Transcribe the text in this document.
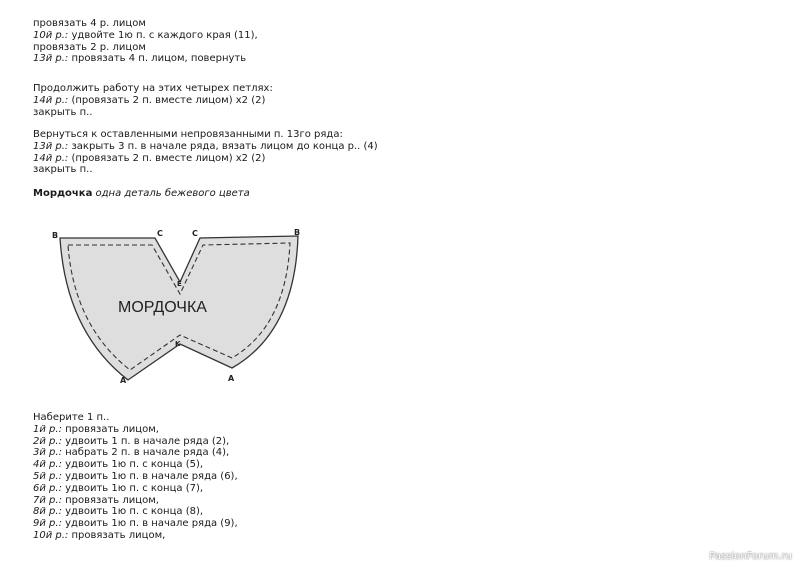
провязать 4 р. лицом
10й р.: удвойте 1ю п. с каждого края (11),
провязать 2 р. лицом
13й р.: провязать 4 п. лицом, повернуть
Продолжить работу на этих четырех петлях:
14й р.: (провязать 2 п. вместе лицом) x2 (2)
закрыть п..
Вернуться к оставленными непровязанными п. 13го ряда:
13й р.: закрыть 3 п. в начале ряда, вязать лицом до конца р.. (4)
14й р.: (провязать 2 п. вместе лицом) x2 (2)
закрыть п..
Мордочка одна деталь бежевого цвета
МОРДОЧКА
B	C	C	B
E
K
A	A
Наберите 1 п..
1й р.: провязать лицом,
2й р.: удвоить 1 п. в начале ряда (2),
3й р.: набрать 2 п. в начале ряда (4),
4й р.: удвоить 1ю п. с конца (5),
5й р.: удвоить 1ю п. в начале ряда (6),
6й р.: удвоить 1ю п. с конца (7),
7й р.: провязать лицом,
8й р.: удвоить 1ю п. с конца (8),
9й р.: удвоить 1ю п. в начале ряда (9),
10й р.: провязать лицом,
PassionForum.ru
